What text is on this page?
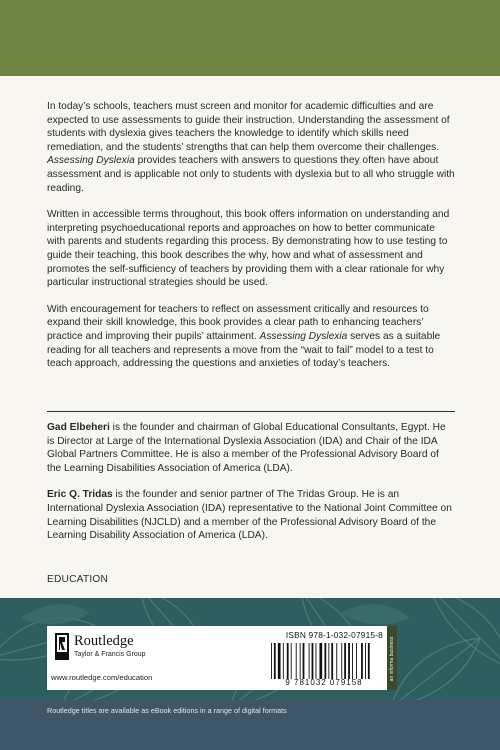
In today’s schools, teachers must screen and monitor for academic difficulties and are expected to use assessments to guide their instruction. Understanding the assessment of students with dyslexia gives teachers the knowledge to identify which skills need remediation, and the students’ strengths that can help them overcome their challenges. Assessing Dyslexia provides teachers with answers to questions they often have about assessment and is applicable not only to students with dyslexia but to all who struggle with reading.

Written in accessible terms throughout, this book offers information on understanding and interpreting psychoeducational reports and approaches on how to better communicate with parents and students regarding this process. By demonstrating how to use testing to guide their teaching, this book describes the why, how and what of assessment and promotes the self-sufficiency of teachers by providing them with a clear rationale for why particular instructional strategies should be used.

With encouragement for teachers to reflect on assessment critically and resources to expand their skill knowledge, this book provides a clear path to enhancing teachers’ practice and improving their pupils’ attainment. Assessing Dyslexia serves as a suitable reading for all teachers and represents a move from the “wait to fail” model to a test to teach approach, addressing the questions and anxieties of today’s teachers.

Gad Elbeheri is the founder and chairman of Global Educational Consultants, Egypt. He is Director at Large of the International Dyslexia Association (IDA) and Chair of the IDA Global Partners Committee. He is also a member of the Professional Advisory Board of the Learning Disabilities Association of America (LDA).

Eric Q. Tridas is the founder and senior partner of The Tridas Group. He is an International Dyslexia Association (IDA) representative to the National Joint Committee on Learning Disabilities (NJCLD) and a member of the Professional Advisory Board of the Learning Disability Association of America (LDA).

EDUCATION
Routledge
Taylor & Francis Group
www.routledge.com/education
ISBN 978-1-032-07915-8
9 781032 079158
an informa business
Routledge titles are available as eBook editions in a range of digital formats
